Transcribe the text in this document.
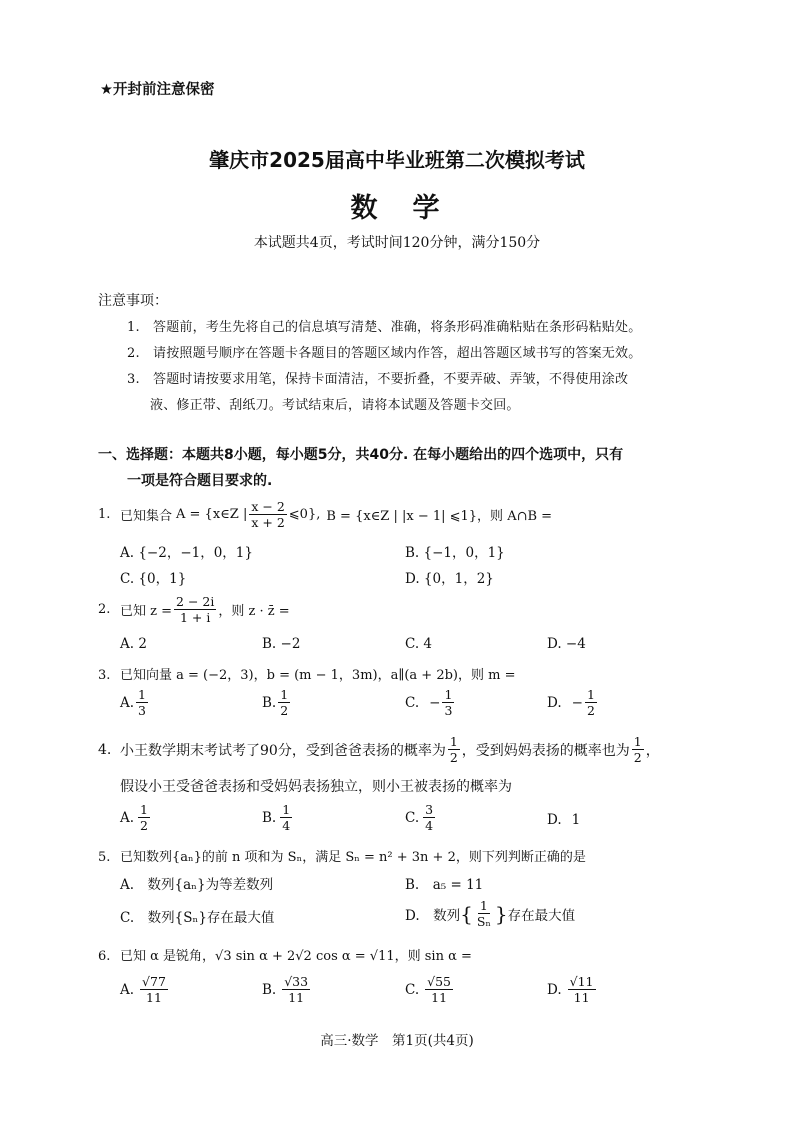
★开封前注意保密
肇庆市2025届高中毕业班第二次模拟考试
数　学
本试题共4页，考试时间120分钟，满分150分
注意事项：
1.　答题前，考生先将自己的信息填写清楚、准确，将条形码准确粘贴在条形码粘贴处。
2.　请按照题号顺序在答题卡各题目的答题区域内作答，超出答题区域书写的答案无效。
3.　答题时请按要求用笔，保持卡面清洁，不要折叠，不要弄破、弄皱，不得使用涂改
液、修正带、刮纸刀。考试结束后，请将本试题及答题卡交回。
一、选择题：本题共8小题，每小题5分，共40分. 在每小题给出的四个选项中，只有
一项是符合题目要求的.
1. 已知集合 A = {x∈Z | $\frac{x - 2}{x + 2}$ ⩽0}, B = {x∈Z | |x − 1| ⩽1}，则 A∩B =
A. {−2，−1，0，1}	B. {−1，0，1}
C. {0，1}	D. {0，1，2}
2. 已知 $z = \frac{2 - 2i}{1 + i}$ ，则 z · z̄ =
A. 2	B. −2	C. 4	D. −4
3. 已知向量 a = (−2，3)，b = (m − 1，3m)，a∥(a + 2b)，则 m =
A. $\frac{1}{3}$	B. $\frac{1}{2}$	C. − $\frac{1}{3}$	D. − $\frac{1}{2}$
4. 小王数学期末考试考了90分，受到爸爸表扬的概率为 $\frac{1}{2}$ ，受到妈妈表扬的概率也为 $\frac{1}{2}$ ，
假设小王受爸爸表扬和受妈妈表扬独立，则小王被表扬的概率为
A. $\frac{1}{2}$	B. $\frac{1}{4}$	C. $\frac{3}{4}$	D. 1
5. 已知数列{aₙ}的前 n 项和为 Sₙ，满足 Sₙ = n² + 3n + 2，则下列判断正确的是
A.　数列{aₙ}为等差数列	B.　a₅ = 11
C.　数列{Sₙ}存在最大值	D.　数列 { $\frac{1}{\text{Sₙ}}$ } 存在最大值
6. 已知 α 是锐角，√3 sin α + 2√2 cos α = √11，则 sin α =
A. $\frac{√77}{11}$	B. $\frac{√33}{11}$	C. $\frac{√55}{11}$	D. $\frac{√11}{11}$
高三·数学　第1页(共4页)
